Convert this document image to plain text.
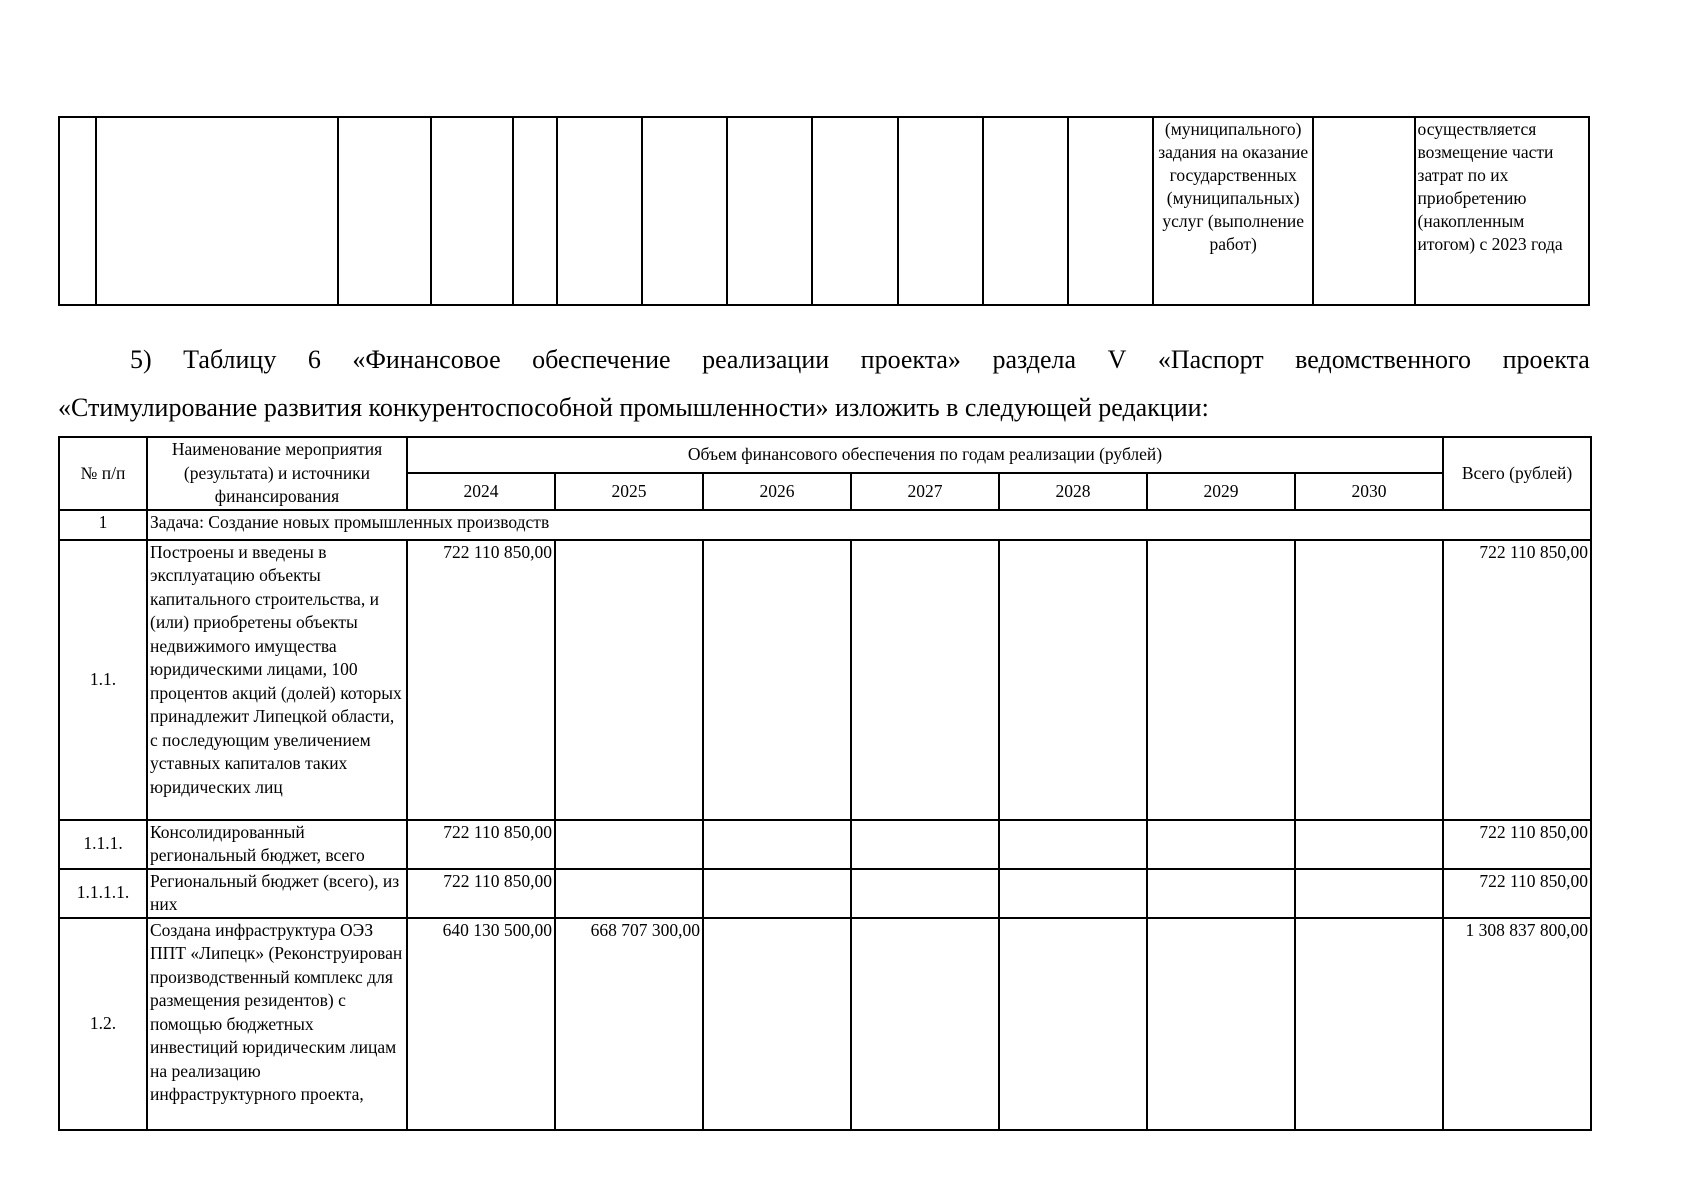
												(муниципального) задания на оказание государственных (муниципальных) услуг (выполнение работ)		осуществляется возмещение части затрат по их приобретению (накопленным итогом) с 2023 года
5) Таблицу 6 «Финансовое обеспечение реализации проекта» раздела V «Паспорт ведомственного проекта
«Стимулирование развития конкурентоспособной промышленности» изложить в следующей редакции:
№ п/п	Наименование мероприятия (результата) и источники финансирования	Объем финансового обеспечения по годам реализации (рублей)							Всего (рублей)
		2024	2025	2026	2027	2028	2029	2030	
1	Задача: Создание новых промышленных производств								
1.1.	Построены и введены в эксплуатацию объекты капитального строительства, и (или) приобретены объекты недвижимого имущества юридическими лицами, 100 процентов акций (долей) которых принадлежит Липецкой области, с последующим увеличением уставных капиталов таких юридических лиц	722 110 850,00							722 110 850,00
1.1.1.	Консолидированный региональный бюджет, всего	722 110 850,00							722 110 850,00
1.1.1.1.	Региональный бюджет (всего), из них	722 110 850,00							722 110 850,00
1.2.	Создана инфраструктура ОЭЗ ППТ «Липецк» (Реконструирован производственный комплекс для размещения резидентов) с помощью бюджетных инвестиций юридическим лицам на реализацию инфраструктурного проекта,	640 130 500,00	668 707 300,00						1 308 837 800,00
